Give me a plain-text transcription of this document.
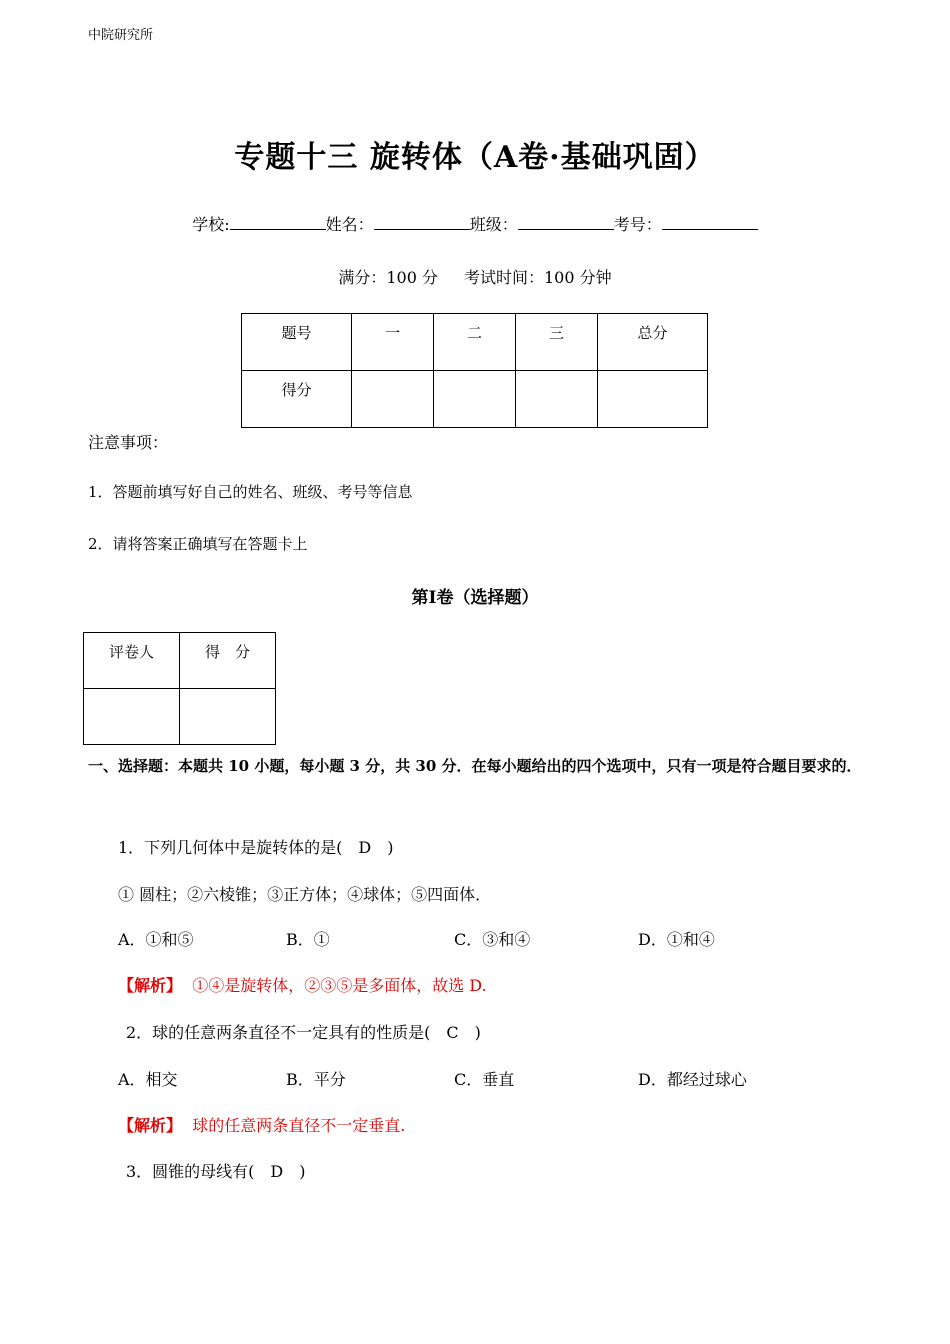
中院研究所
专题十三 旋转体（A卷·基础巩固）
学校:	姓名：	班级：	考号：
满分：100 分 考试时间：100 分钟
题号	一	二	三	总分
得分				
注意事项：
1．答题前填写好自己的姓名、班级、考号等信息
2．请将答案正确填写在答题卡上
第Ⅰ卷（选择题）
评卷人	得　分

一、选择题：本题共 10 小题，每小题 3 分，共 30 分．在每小题给出的四个选项中，只有一项是符合题目要求的．
1．下列几何体中是旋转体的是(　D　)
① 圆柱；②六棱锥；③正方体；④球体；⑤四面体．
A．①和⑤	B．①	C．③和④	D．①和④
【解析】 ①④是旋转体，②③⑤是多面体，故选 D.
2．球的任意两条直径不一定具有的性质是(　C　)
A．相交	B．平分	C．垂直	D．都经过球心
【解析】 球的任意两条直径不一定垂直.
3．圆锥的母线有(　D　)
